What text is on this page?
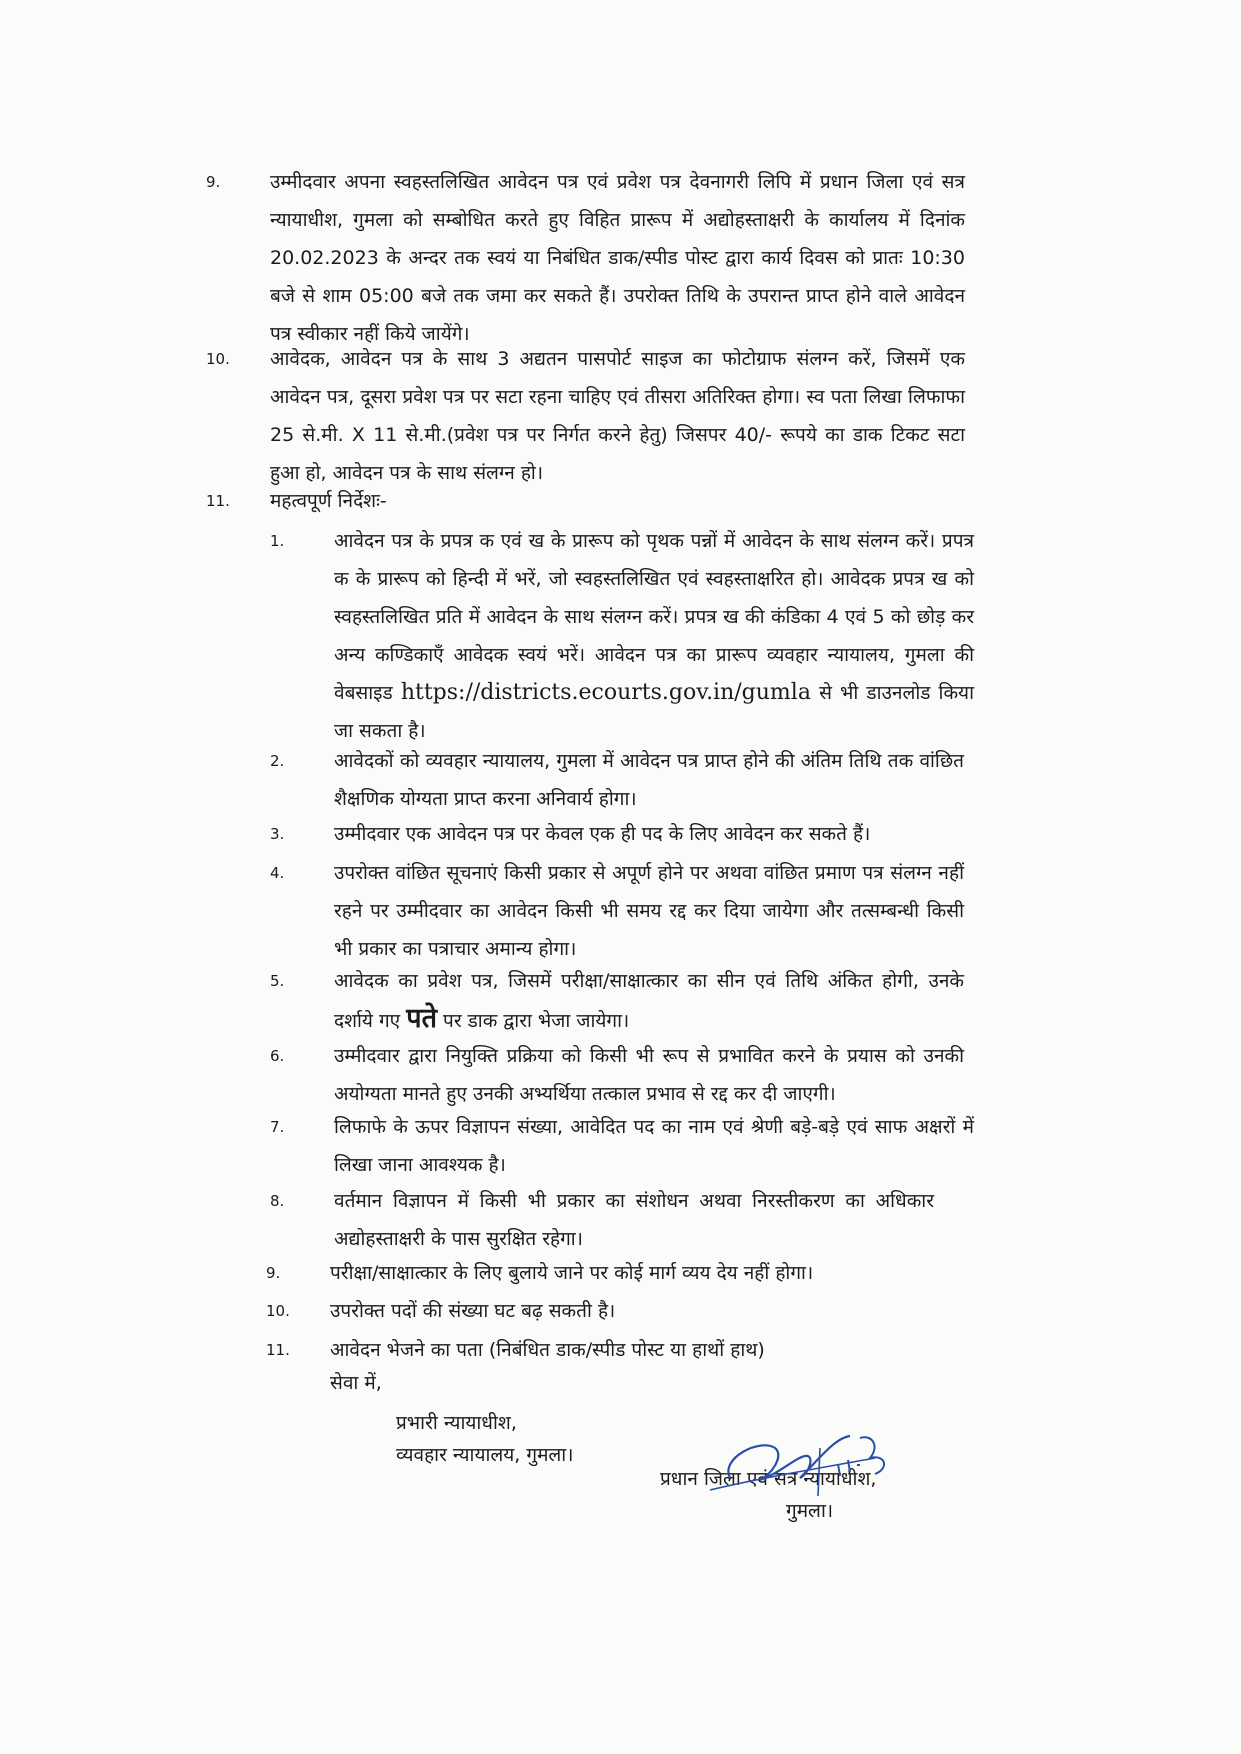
9.	उम्मीदवार अपना स्वहस्तलिखित आवेदन पत्र एवं प्रवेश पत्र देवनागरी लिपि में प्रधान जिला एवं सत्र न्यायाधीश, गुमला को सम्बोधित करते हुए विहित प्रारूप में अद्योहस्ताक्षरी के कार्यालय में दिनांक 20.02.2023 के अन्दर तक स्वयं या निबंधित डाक/स्पीड पोस्ट द्वारा कार्य दिवस को प्रातः 10:30 बजे से शाम 05:00 बजे तक जमा कर सकते हैं। उपरोक्त तिथि के उपरान्त प्राप्त होने वाले आवेदन पत्र स्वीकार नहीं किये जायेंगे।
10. आवेदक, आवेदन पत्र के साथ 3 अद्यतन पासपोर्ट साइज का फोटोग्राफ संलग्न करें, जिसमें एक आवेदन पत्र, दूसरा प्रवेश पत्र पर सटा रहना चाहिए एवं तीसरा अतिरिक्त होगा। स्व पता लिखा लिफाफा 25 से.मी. X 11 से.मी.(प्रवेश पत्र पर निर्गत करने हेतु) जिसपर 40/- रूपये का डाक टिकट सटा हुआ हो, आवेदन पत्र के साथ संलग्न हो।
11. महत्वपूर्ण निर्देशः-
1.	आवेदन पत्र के प्रपत्र क एवं ख के प्रारूप को पृथक पन्नों में आवेदन के साथ संलग्न करें। प्रपत्र क के प्रारूप को हिन्दी में भरें, जो स्वहस्तलिखित एवं स्वहस्ताक्षरित हो। आवेदक प्रपत्र ख को स्वहस्तलिखित प्रति में आवेदन के साथ संलग्न करें। प्रपत्र ख की कंडिका 4 एवं 5 को छोड़ कर अन्य कण्डिकाएँ आवेदक स्वयं भरें। आवेदन पत्र का प्रारूप व्यवहार न्यायालय, गुमला की वेबसाइड https://districts.ecourts.gov.in/gumla से भी डाउनलोड किया जा सकता है।
2.	आवेदकों को व्यवहार न्यायालय, गुमला में आवेदन पत्र प्राप्त होने की अंतिम तिथि तक वांछित शैक्षणिक योग्यता प्राप्त करना अनिवार्य होगा।
3.	उम्मीदवार एक आवेदन पत्र पर केवल एक ही पद के लिए आवेदन कर सकते हैं।
4.	उपरोक्त वांछित सूचनाएं किसी प्रकार से अपूर्ण होने पर अथवा वांछित प्रमाण पत्र संलग्न नहीं रहने पर उम्मीदवार का आवेदन किसी भी समय रद्द कर दिया जायेगा और तत्सम्बन्धी किसी भी प्रकार का पत्राचार अमान्य होगा।
5.	आवेदक का प्रवेश पत्र, जिसमें परीक्षा/साक्षात्कार का सीन एवं तिथि अंकित होगी, उनके दर्शाये गए पते पर डाक द्वारा भेजा जायेगा।
6.	उम्मीदवार द्वारा नियुक्ति प्रक्रिया को किसी भी रूप से प्रभावित करने के प्रयास को उनकी अयोग्यता मानते हुए उनकी अभ्यर्थिया तत्काल प्रभाव से रद्द कर दी जाएगी।
7.	लिफाफे के ऊपर विज्ञापन संख्या, आवेदित पद का नाम एवं श्रेणी बड़े-बड़े एवं साफ अक्षरों में लिखा जाना आवश्यक है।
8.	वर्तमान विज्ञापन में किसी भी प्रकार का संशोधन अथवा निरस्तीकरण का अधिकार अद्योहस्ताक्षरी के पास सुरक्षित रहेगा।
9.	परीक्षा/साक्षात्कार के लिए बुलाये जाने पर कोई मार्ग व्यय देय नहीं होगा।
10. उपरोक्त पदों की संख्या घट बढ़ सकती है।
11. आवेदन भेजने का पता (निबंधित डाक/स्पीड पोस्ट या हाथों हाथ)
सेवा में,
प्रभारी न्यायाधीश,
व्यवहार न्यायालय, गुमला।
प्रधान जिला एवं सत्र न्यायाधीश,
गुमला।
